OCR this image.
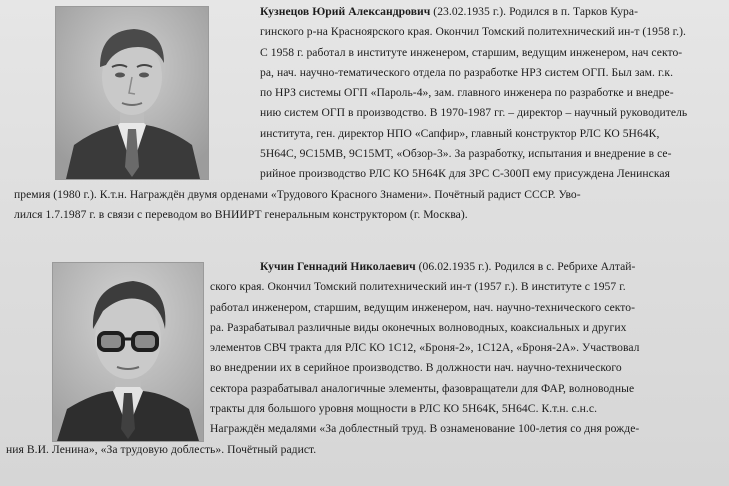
Кузнецов Юрий Александрович (23.02.1935 г.). Родился в п. Тарков Кура-

гинского р-на Красноярского края. Окончил Томский политехнический ин-т (1958 г.).

С 1958 г. работал в институте инженером, старшим, ведущим инженером, нач секто-

ра, нач. научно-тематического отдела по разработке НРЗ систем ОГП. Был зам. г.к.

по НРЗ системы ОГП «Пароль-4», зам. главного инженера по разработке и внедре-

нию систем ОГП в производство. В 1970-1987 гг. – директор – научный руководитель

института, ген. директор НПО «Сапфир», главный конструктор РЛС КО 5Н64К,

5Н64С, 9С15МВ, 9С15МТ, «Обзор-3». За разработку, испытания и внедрение в се-

рийное производство РЛС КО 5Н64К для ЗРС С-300П ему присуждена Ленинская

премия (1980 г.). К.т.н. Награждён двумя орденами «Трудового Красного Знамени». Почётный радист СССР. Уво-

лился 1.7.1987 г. в связи с переводом во ВНИИРТ генеральным конструктором (г. Москва).

Кучин Геннадий Николаевич (06.02.1935 г.). Родился в с. Ребрихе Алтай-

ского края. Окончил Томский политехнический ин-т (1957 г.). В институте с 1957 г.

работал инженером, старшим, ведущим инженером, нач. научно-технического секто-

ра. Разрабатывал различные виды оконечных волноводных, коаксиальных и других

элементов СВЧ тракта для РЛС КО 1С12, «Броня-2», 1С12А, «Броня-2А». Участвовал

во внедрении их в серийное производство. В должности нач. научно-технического

сектора разрабатывал аналогичные элементы, фазовращатели для ФАР, волноводные

тракты для большого уровня мощности в РЛС КО 5Н64К, 5Н64С. К.т.н. с.н.с.

Награждён медалями «За доблестный труд. В ознаменование 100-летия со дня рожде-

ния В.И. Ленина», «За трудовую доблесть». Почётный радист.
